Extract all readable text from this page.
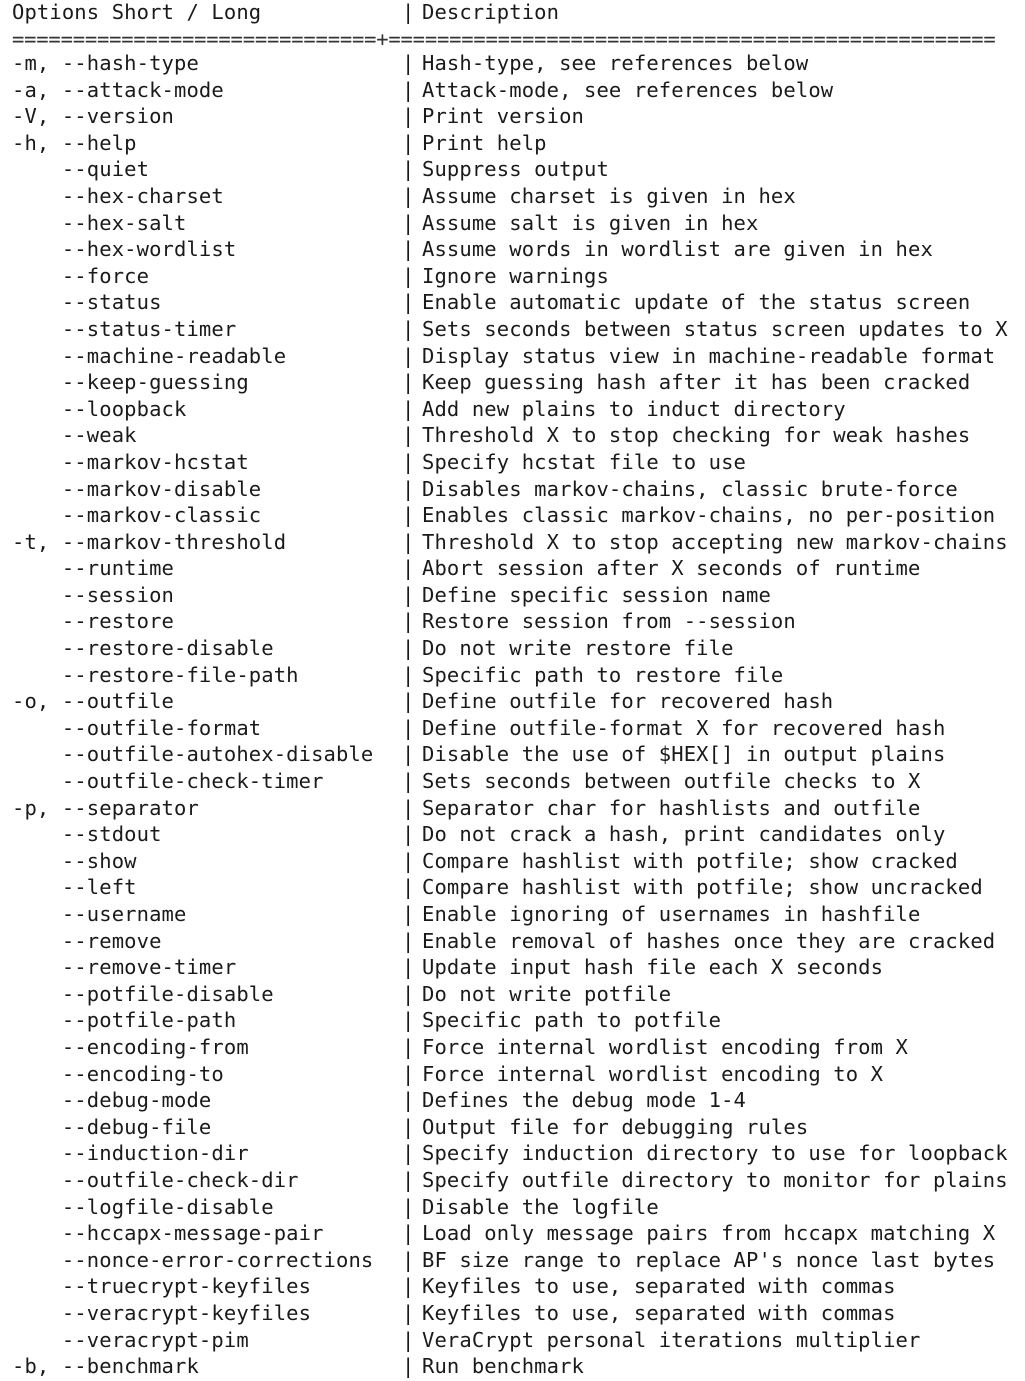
Options Short / Long	| Description
==============================+==================================================
-m, --hash-type	| Hash-type, see references below
-a, --attack-mode	| Attack-mode, see references below
-V, --version	| Print version
-h, --help	| Print help
--quiet	| Suppress output
--hex-charset	| Assume charset is given in hex
--hex-salt	| Assume salt is given in hex
--hex-wordlist	| Assume words in wordlist are given in hex
--force	| Ignore warnings
--status	| Enable automatic update of the status screen
--status-timer	| Sets seconds between status screen updates to X
--machine-readable	| Display status view in machine-readable format
--keep-guessing	| Keep guessing hash after it has been cracked
--loopback	| Add new plains to induct directory
--weak	| Threshold X to stop checking for weak hashes
--markov-hcstat	| Specify hcstat file to use
--markov-disable	| Disables markov-chains, classic brute-force
--markov-classic	| Enables classic markov-chains, no per-position
-t, --markov-threshold	| Threshold X to stop accepting new markov-chains
--runtime	| Abort session after X seconds of runtime
--session	| Define specific session name
--restore	| Restore session from --session
--restore-disable	| Do not write restore file
--restore-file-path	| Specific path to restore file
-o, --outfile	| Define outfile for recovered hash
--outfile-format	| Define outfile-format X for recovered hash
--outfile-autohex-disable | Disable the use of $HEX[] in output plains
--outfile-check-timer	| Sets seconds between outfile checks to X
-p, --separator	| Separator char for hashlists and outfile
--stdout	| Do not crack a hash, print candidates only
--show	| Compare hashlist with potfile; show cracked
--left	| Compare hashlist with potfile; show uncracked
--username	| Enable ignoring of usernames in hashfile
--remove	| Enable removal of hashes once they are cracked
--remove-timer	| Update input hash file each X seconds
--potfile-disable	| Do not write potfile
--potfile-path	| Specific path to potfile
--encoding-from	| Force internal wordlist encoding from X
--encoding-to	| Force internal wordlist encoding to X
--debug-mode	| Defines the debug mode 1-4
--debug-file	| Output file for debugging rules
--induction-dir	| Specify induction directory to use for loopback
--outfile-check-dir	| Specify outfile directory to monitor for plains
--logfile-disable	| Disable the logfile
--hccapx-message-pair	| Load only message pairs from hccapx matching X
--nonce-error-corrections | BF size range to replace AP's nonce last bytes
--truecrypt-keyfiles	| Keyfiles to use, separated with commas
--veracrypt-keyfiles	| Keyfiles to use, separated with commas
--veracrypt-pim	| VeraCrypt personal iterations multiplier
-b, --benchmark	| Run benchmark
